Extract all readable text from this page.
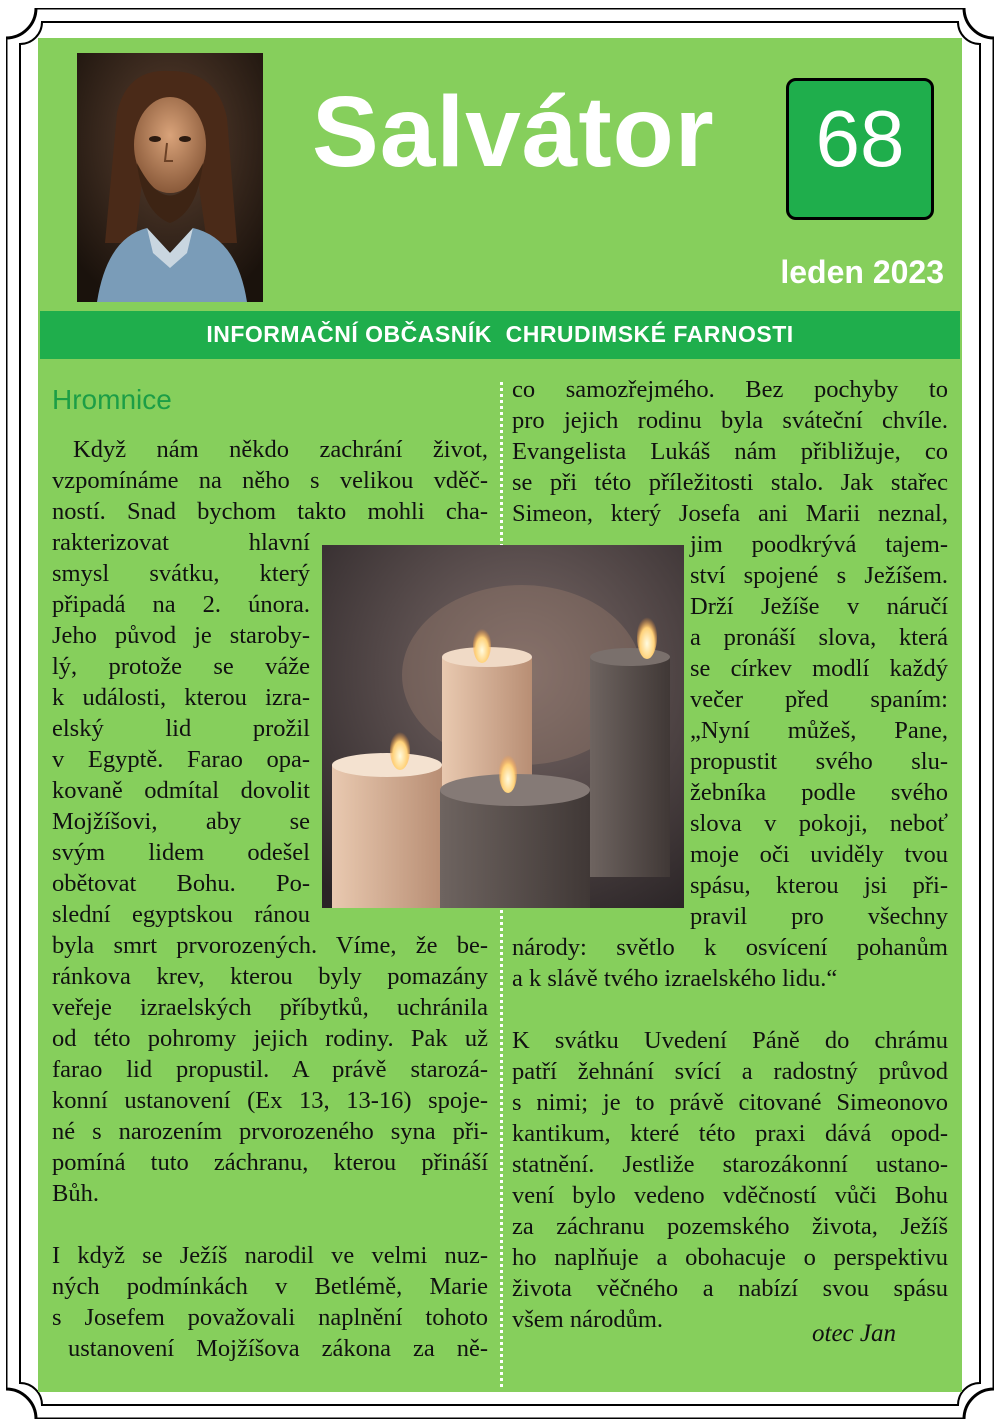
Salvátor	68
leden 2023
INFORMAČNÍ OBČASNÍK  CHRUDIMSKÉ FARNOSTI
Hromnice
Když nám někdo zachrání život,
vzpomínáme na něho s velikou vděč-
ností. Snad bychom takto mohli cha-
rakterizovat hlavní
smysl svátku, který
připadá na 2. února.
Jeho původ je staroby-
lý, protože se váže
k události, kterou izra-
elský lid prožil
v Egyptě. Farao opa-
kovaně odmítal dovolit
Mojžíšovi, aby se
svým lidem odešel
obětovat Bohu. Po-
slední egyptskou ránou
byla smrt prvorozených. Víme, že be-
ránkova krev, kterou byly pomazány
veřeje izraelských příbytků, uchránila
od této pohromy jejich rodiny. Pak už
farao lid propustil. A právě starozá-
konní ustanovení (Ex 13, 13-16) spoje-
né s narozením prvorozeného syna při-
pomíná tuto záchranu, kterou přináší
Bůh.
I když se Ježíš narodil ve velmi nuz-
ných podmínkách v Betlémě, Marie
s Josefem považovali naplnění tohoto
ustanovení Mojžíšova zákona za ně-
co samozřejmého. Bez pochyby to
pro jejich rodinu byla sváteční chvíle.
Evangelista Lukáš nám přibližuje, co
se při této příležitosti stalo. Jak stařec
Simeon, který Josefa ani Marii neznal,
jim poodkrývá tajem-
ství spojené s Ježíšem.
Drží Ježíše v náručí
a pronáší slova, která
se církev modlí každý
večer před spaním:
„Nyní můžeš, Pane,
propustit svého slu-
žebníka podle svého
slova v pokoji, neboť
moje oči uviděly tvou
spásu, kterou jsi při-
pravil pro všechny
národy: světlo k osvícení pohanům
a k slávě tvého izraelského lidu.“
K svátku Uvedení Páně do chrámu
patří žehnání svící a radostný průvod
s nimi; je to právě citované Simeonovo
kantikum, které této praxi dává opod-
statnění. Jestliže starozákonní ustano-
vení bylo vedeno vděčností vůči Bohu
za záchranu pozemského života, Ježíš
ho naplňuje a obohacuje o perspektivu
života věčného a nabízí svou spásu
všem národům.
otec Jan
